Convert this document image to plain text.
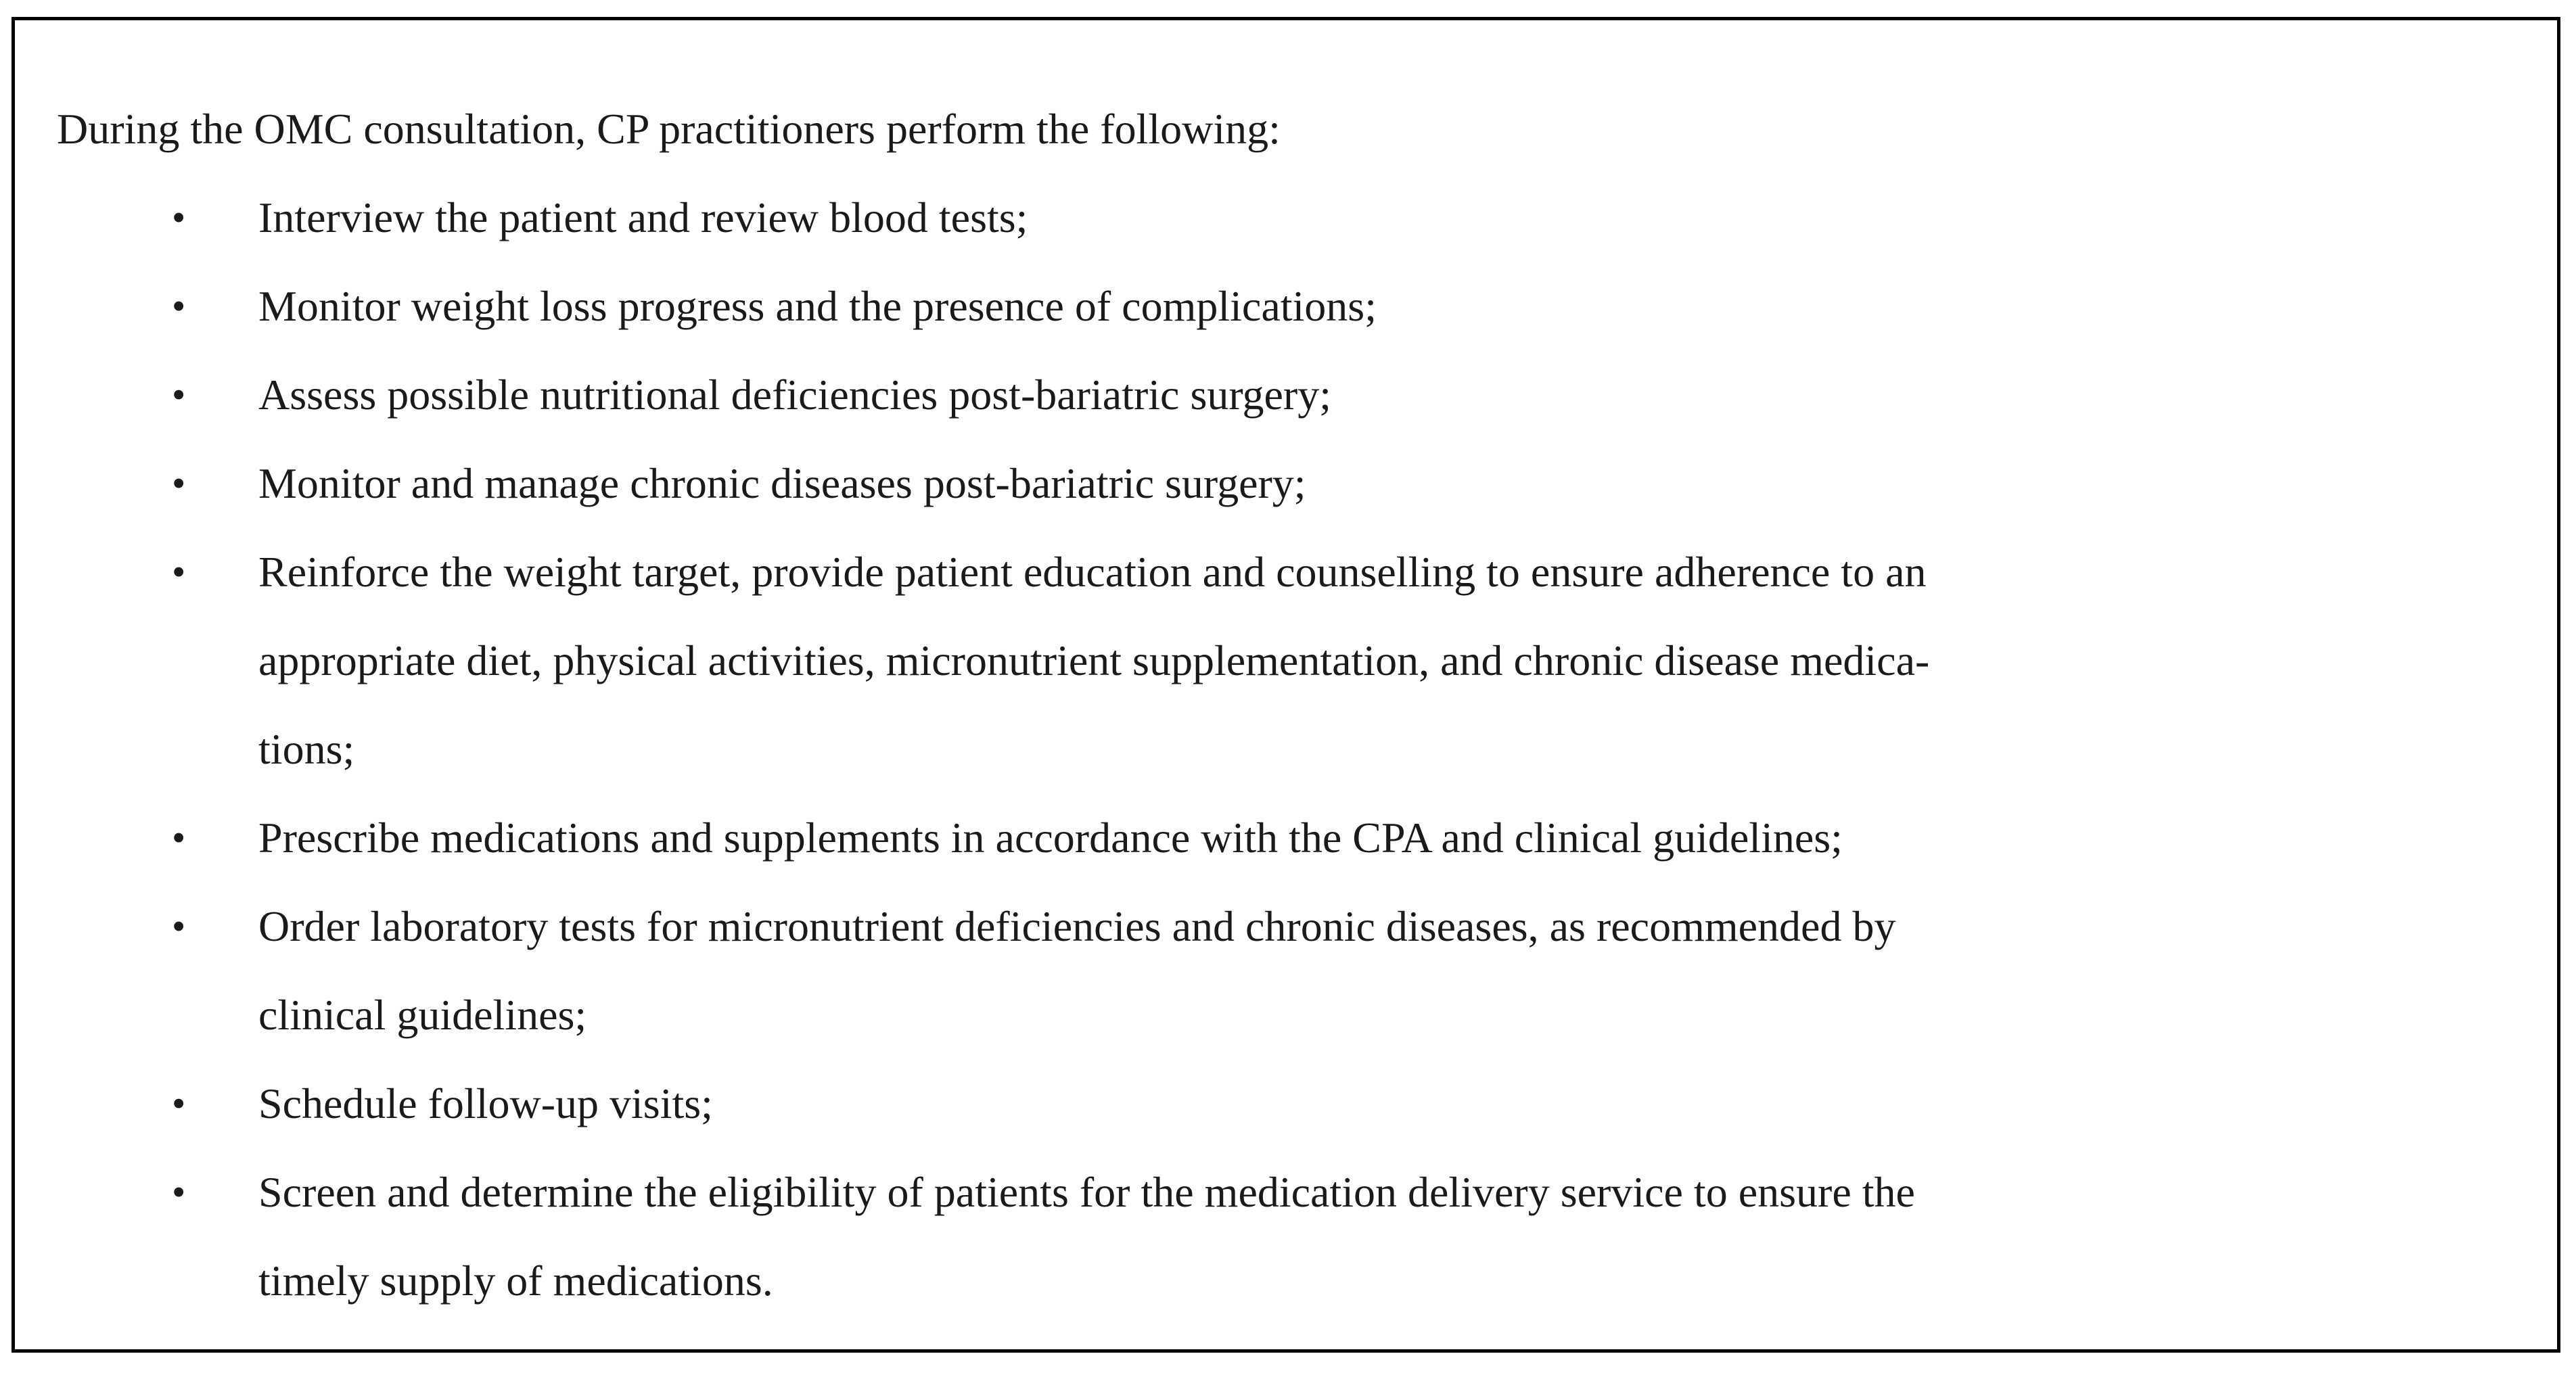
During the OMC consultation, CP practitioners perform the following:

• Interview the patient and review blood tests;
• Monitor weight loss progress and the presence of complications;
• Assess possible nutritional deficiencies post-bariatric surgery;
• Monitor and manage chronic diseases post-bariatric surgery;
• Reinforce the weight target, provide patient education and counselling to ensure adherence to an
appropriate diet, physical activities, micronutrient supplementation, and chronic disease medica-
tions;
• Prescribe medications and supplements in accordance with the CPA and clinical guidelines;
• Order laboratory tests for micronutrient deficiencies and chronic diseases, as recommended by
clinical guidelines;
• Schedule follow-up visits;
• Screen and determine the eligibility of patients for the medication delivery service to ensure the
timely supply of medications.
